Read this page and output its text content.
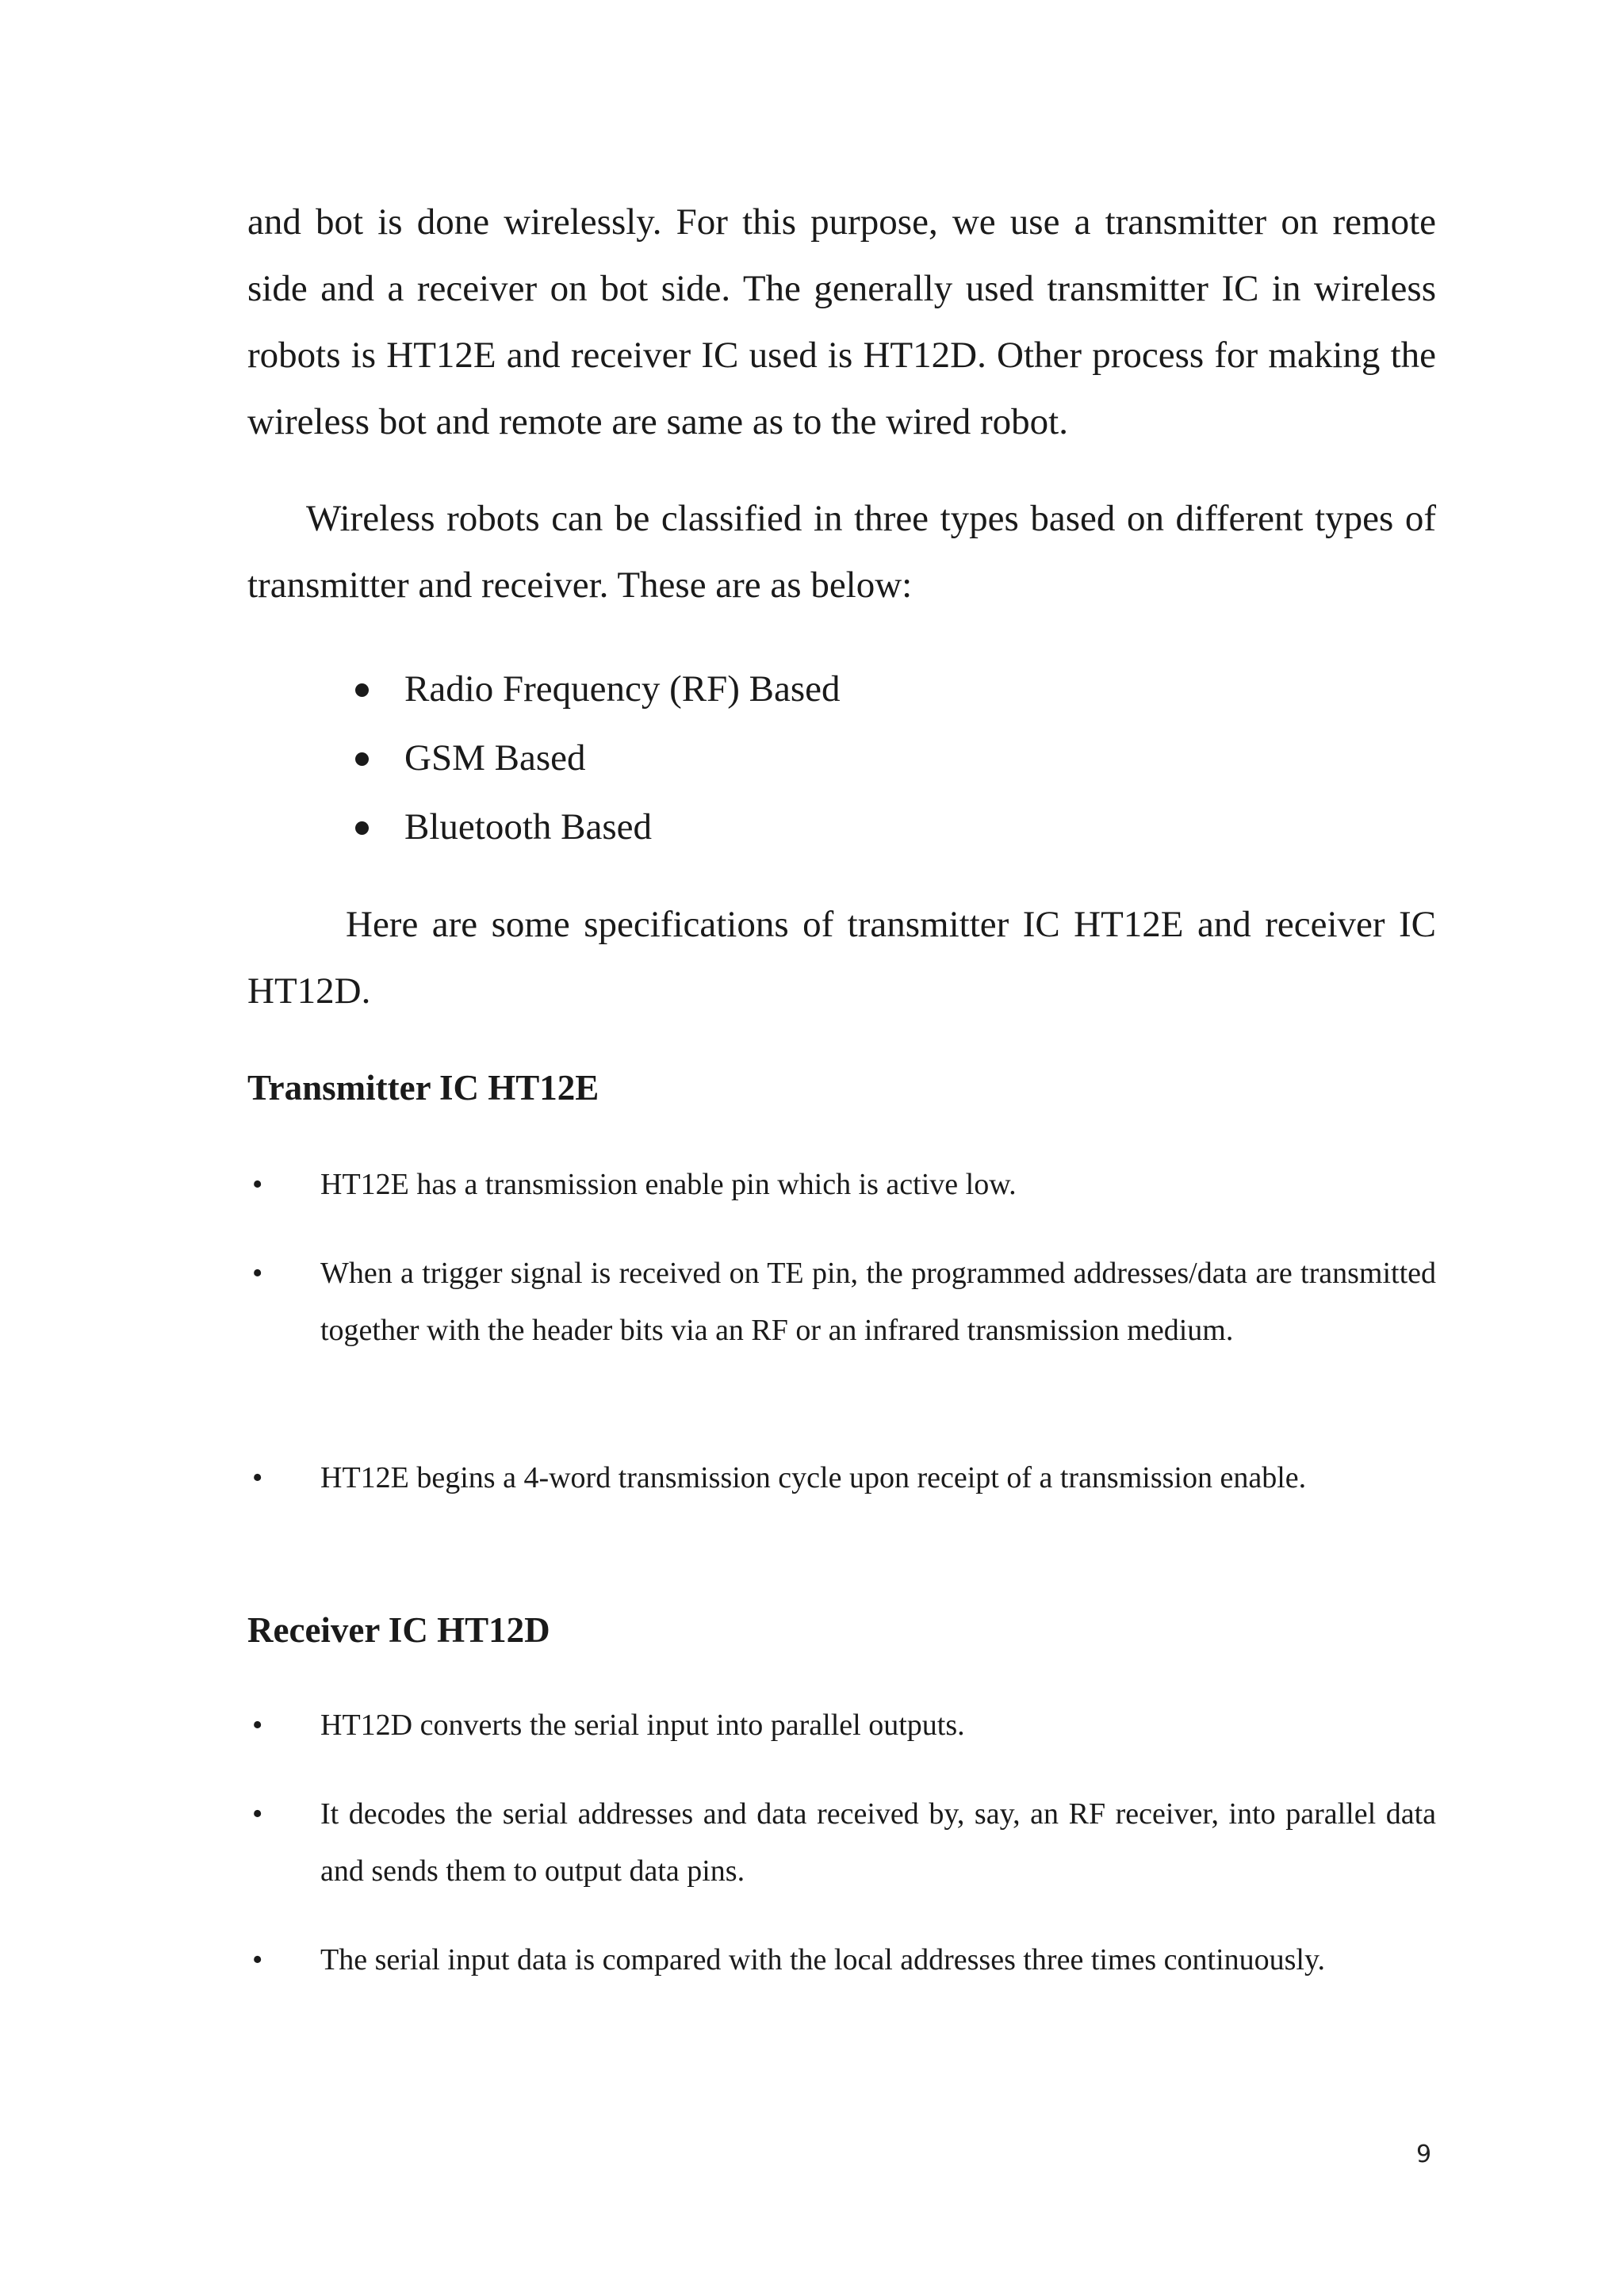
and bot is done wirelessly. For this purpose, we use a transmitter on remote side and a receiver on bot side. The generally used transmitter IC in wireless robots is HT12E and receiver IC used is HT12D. Other process for making the wireless bot and remote are same as to the wired robot.

Wireless robots can be classified in three types based on different types of transmitter and receiver. These are as below:

Radio Frequency (RF) Based
GSM Based
Bluetooth Based

Here are some specifications of transmitter IC HT12E and receiver IC HT12D.

Transmitter IC HT12E
• HT12E has a transmission enable pin which is active low.
• When a trigger signal is received on TE pin, the programmed addresses/data are transmitted together with the header bits via an RF or an infrared transmission medium.
• HT12E begins a 4-word transmission cycle upon receipt of a transmission enable.
Receiver IC HT12D
• HT12D converts the serial input into parallel outputs.
• It decodes the serial addresses and data received by, say, an RF receiver, into parallel data and sends them to output data pins.
• The serial input data is compared with the local addresses three times continuously.
9
